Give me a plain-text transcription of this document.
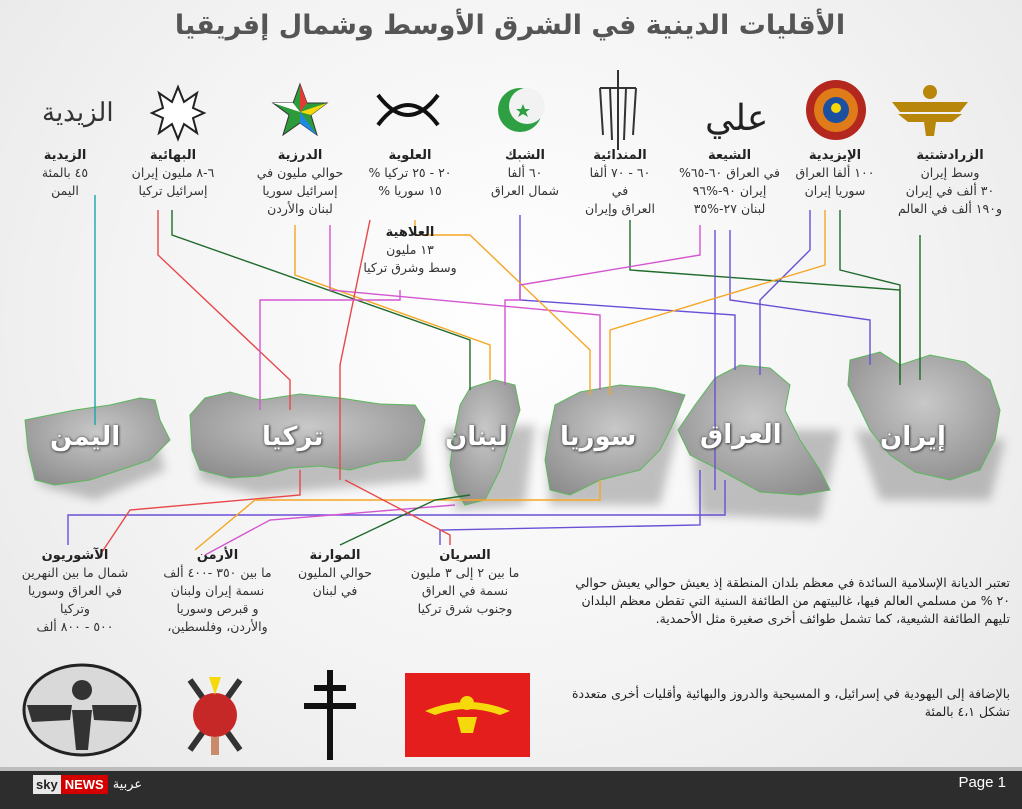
الأقليات الدينية في الشرق الأوسط وشمال إفريقيا
الزيدية	علي
الزيدية
٤٥ بالمئة
اليمن
البهائية
٦-٨ مليون إيران
إسرائيل تركيا
الدرزية
حوالي مليون في
إسرائيل سوريا
لبنان والأردن
العلوية
٢٠ - ٢٥ تركيا %
١٥ سوريا %
الشبك
٦٠ ألفا
شمال العراق
المندائية
٦٠ - ٧٠ ألفا
في
العراق وإيران
الشيعة
في العراق ٦٠-٦٥%
إيران ٩٠-%٩٦
لبنان ٢٧-%٣٥
الإيزيدية
١٠٠ ألفا العراق
سوريا إيران
الزرادشتية
وسط إيران
٣٠ ألف في إيران
و١٩٠ ألف في العالم
العلاهية
١٣ مليون
وسط وشرق تركيا
اليمن	تركيا	لبنان سوريا العراق	إيران
الآشوريون
شمال ما بين النهرين
في العراق وسوريا
وتركيا
٥٠٠ - ٨٠٠ ألف
الأرمن
ما بين ٣٥٠ -٤٠٠ ألف
نسمة إيران ولبنان
و قبرص وسوريا
والأردن، وفلسطين،
الموارنة
حوالي المليون
في لبنان
السريان
ما بين ٢ إلى ٣ مليون
نسمة في العراق
وجنوب شرق تركيا
تعتبر الديانة الإسلامية السائدة في معظم بلدان المنطقة إذ يعيش حوالي يعيش حوالي ٢٠ % من مسلمي العالم فيها، غالبيتهم من الطائفة السنية التي تقطن معظم البلدان تليهم الطائفة الشيعية، كما تشمل طوائف أخرى صغيرة مثل الأحمدية.
بالإضافة إلى اليهودية في إسرائيل، و المسيحية والدروز والبهائية وأقليات أخرى متعددة تشكل ٤،١ بالمئة
sky NEWS عربية	Page 1
